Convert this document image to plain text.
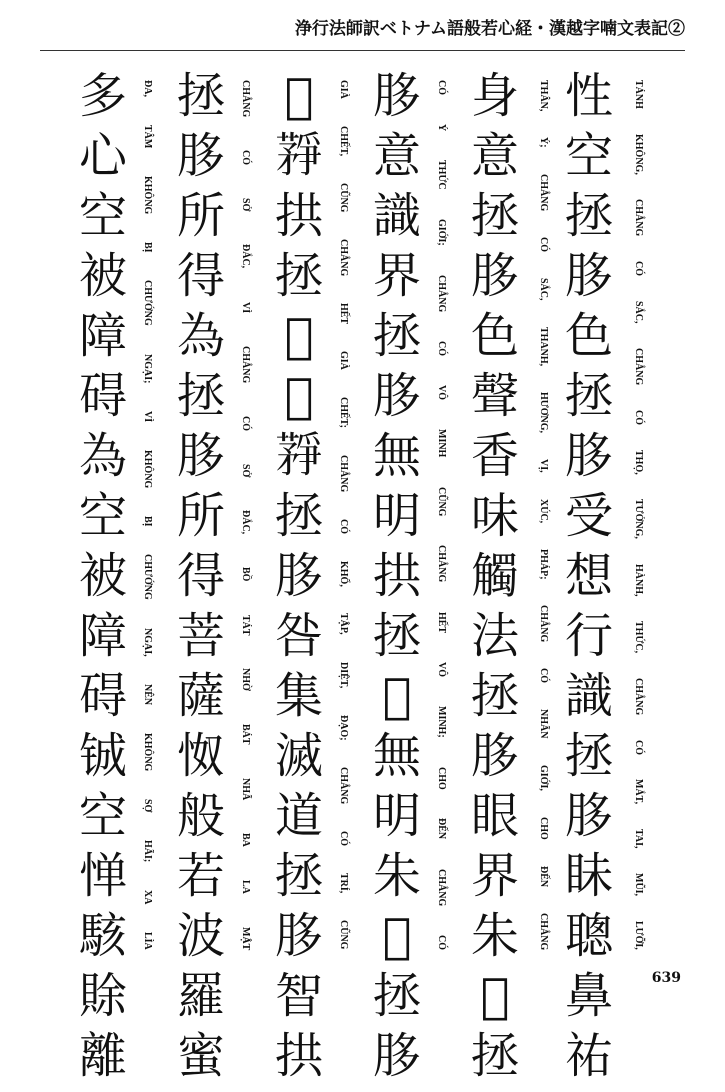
浄行法師訳ベトナム語般若心経・漢越字喃文表記②
性
空
拯
䏧
色
拯
䏧
受
想
行
識
拯
䏧
眛
聰
鼻
祐
TÁNH
KHÔNG,
CHẲNG
CÓ
SẮC,
CHẲNG
CÓ
THỌ,
TƯỞNG,
HÀNH,
THỨC,
CHẲNG
CÓ
MẮT,
TAI,
MŨI,
LƯỠI,
身
意
拯
䏧
色
聲
香
味
觸
法
拯
䏧
眼
界
朱
𨀈
拯
THÂN,
Ý;
CHẲNG
CÓ
SẮC,
THANH,
HƯƠNG,
VỊ,
XÚC,
PHÁP;
CHẲNG
CÓ
NHÃN
GIỚI,
CHO
ĐẾN
CHẲNG
䏧
意
識
界
拯
䏧
無
明
拱
拯
𠼾
無
明
朱
𨀈
拯
䏧
CÓ
Ý
THỨC
GIỚI;
CHẲNG
CÓ
VÔ
MINH
CŨNG
CHẲNG
HẾT
VÔ
MINH;
CHO
ĐẾN
CHẲNG
CÓ
𦹵
𦽰
拱
拯
𠼾
𦹵
𦽰
拯
䏧
咎
集
滅
道
拯
䏧
智
拱
GIÀ
CHẾT,
CŨNG
CHẲNG
HẾT
GIÀ
CHẾT;
CHẲNG
CÓ
KHỔ,
TẬP,
DIỆT,
ĐẠO;
CHẲNG
CÓ
TRÍ,
CŨNG
拯
䏧
所
得
為
拯
䏧
所
得
菩
薩
怓
般
若
波
羅
蜜
CHẲNG
CÓ
SỞ
ĐẮC,
VÌ
CHẲNG
CÓ
SỞ
ĐẮC,
BỒ
TÁT
NHỜ
BÁT
NHÃ
BA
LA
MẬT
多
心
空
被
障
碍
為
空
被
障
碍
铖
空
惮
駭
賖
離
ĐA,
TÂM
KHÔNG
BỊ
CHƯỚNG
NGẠI;
VÌ
KHÔNG
BỊ
CHƯỚNG
NGẠI,
NÊN
KHÔNG
SỢ
HÃI;
XA
LÌA
639
